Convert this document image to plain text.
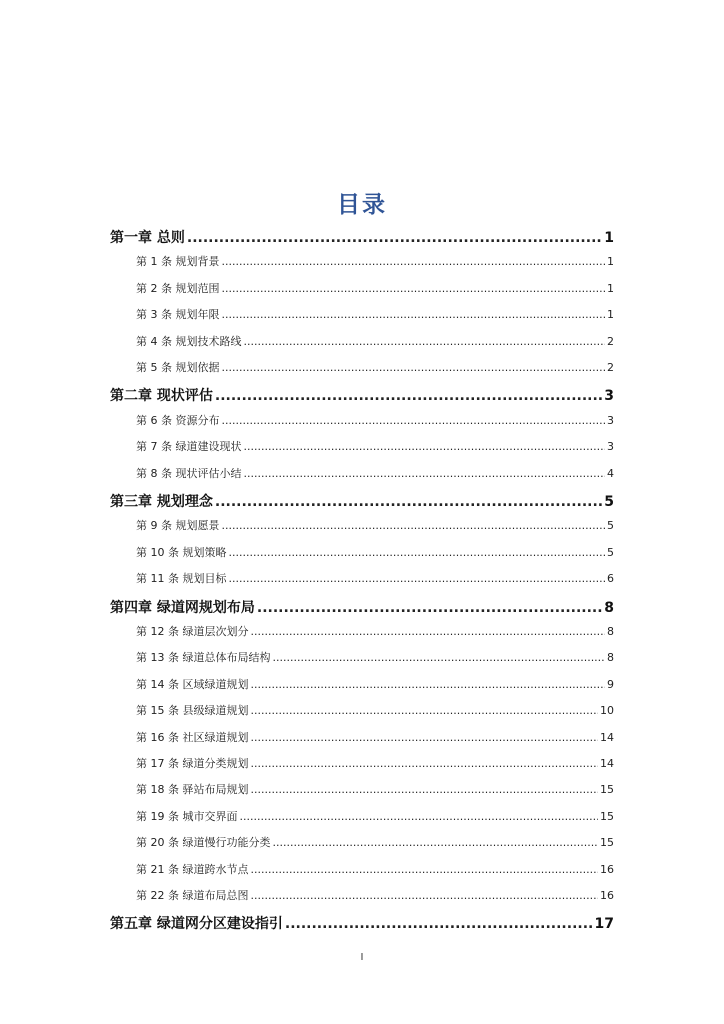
目录
第一章 总则 .....	1
第 1 条 规划背景 .....	1
第 2 条 规划范围 .....	1
第 3 条 规划年限 .....	1
第 4 条 规划技术路线 .....	2
第 5 条 规划依据 .....	2
第二章 现状评估 .....	3
第 6 条 资源分布 .....	3
第 7 条 绿道建设现状 .....	3
第 8 条 现状评估小结 .....	4
第三章 规划理念 .....	5
第 9 条 规划愿景 .....	5
第 10 条 规划策略 .....	5
第 11 条 规划目标 .....	6
第四章 绿道网规划布局 .....	8
第 12 条 绿道层次划分 .....	8
第 13 条 绿道总体布局结构 .....	8
第 14 条 区域绿道规划 .....	9
第 15 条 县级绿道规划 .....	10
第 16 条 社区绿道规划 .....	14
第 17 条 绿道分类规划 .....	14
第 18 条 驿站布局规划 .....	15
第 19 条 城市交界面 .....	15
第 20 条 绿道慢行功能分类 .....	15
第 21 条 绿道跨水节点 .....	16
第 22 条 绿道布局总图 .....	16
第五章 绿道网分区建设指引 .....	17
I
